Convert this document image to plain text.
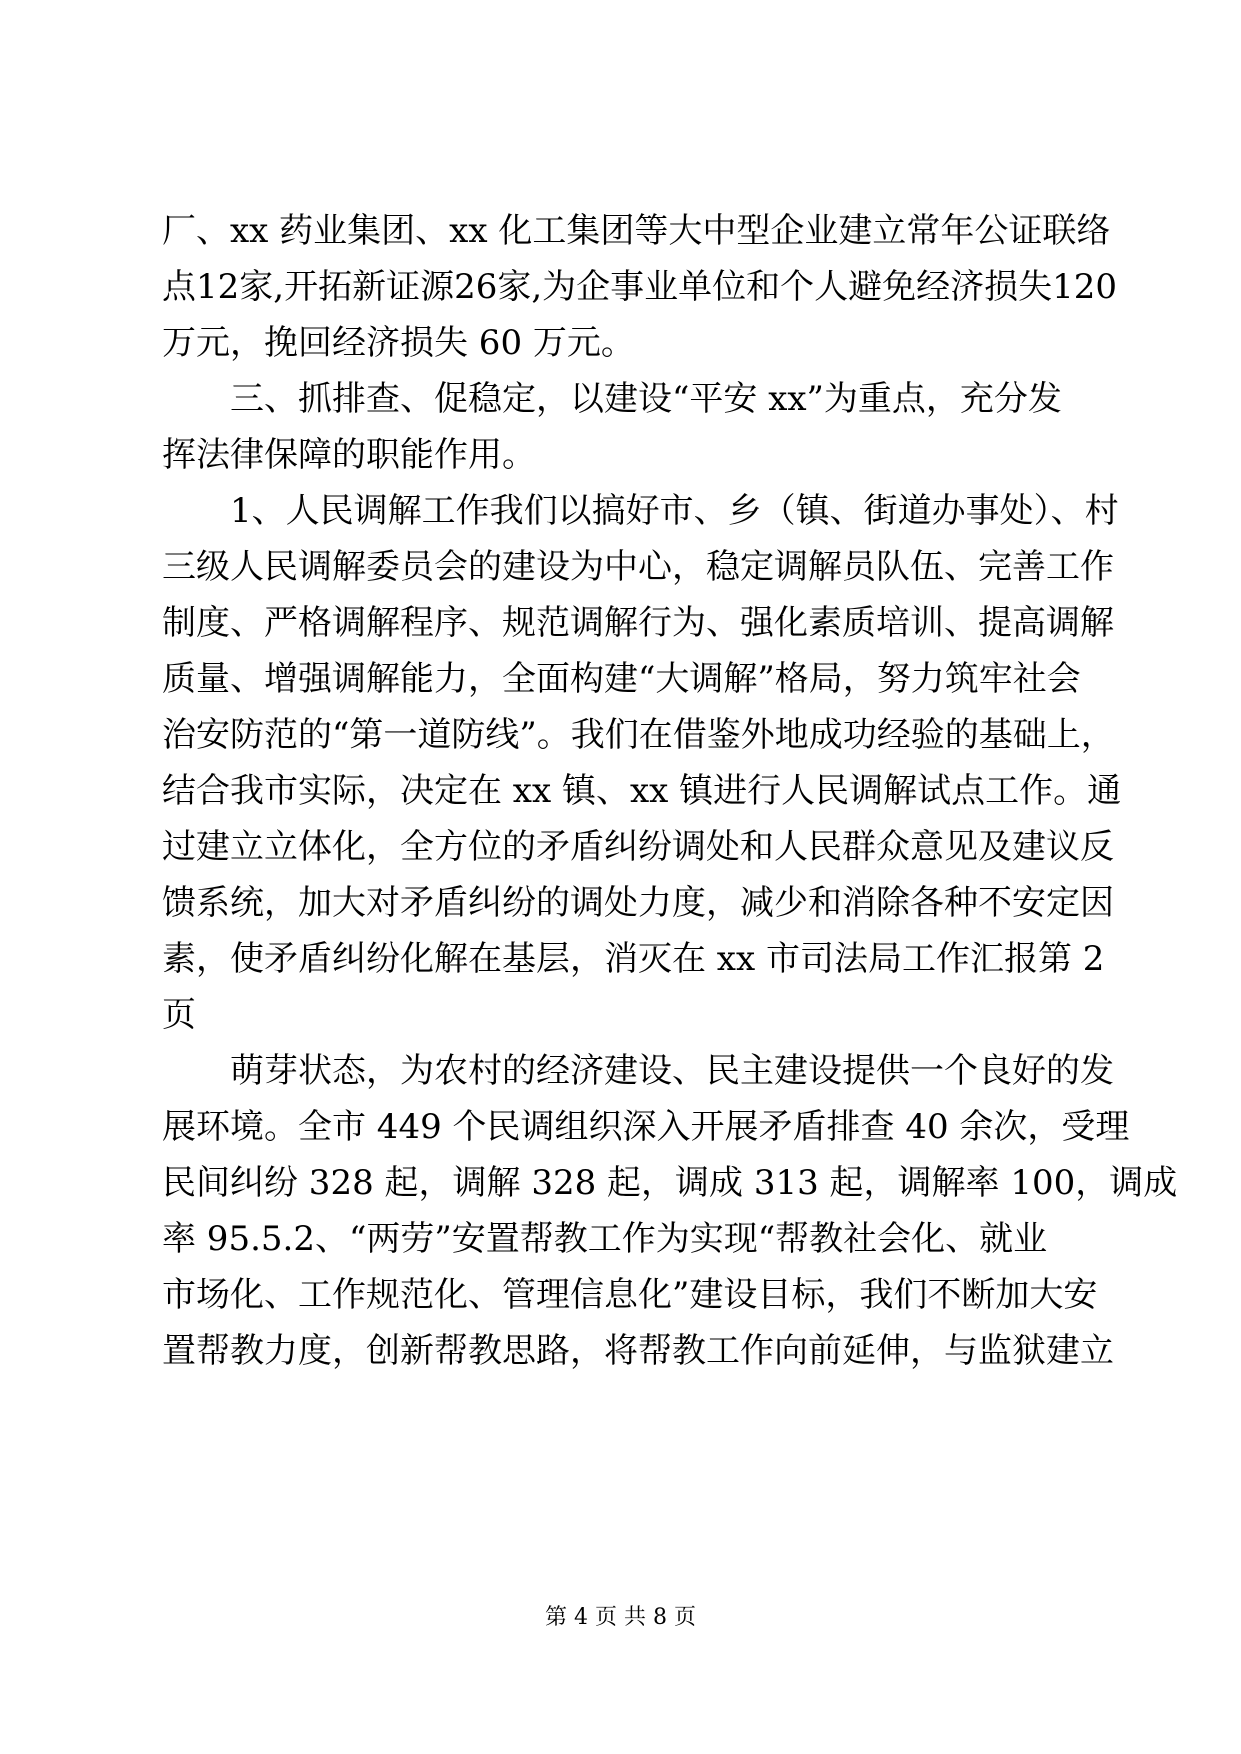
厂、xx 药业集团、xx 化工集团等大中型企业建立常年公证联络
点12家,开拓新证源26家,为企事业单位和个人避免经济损失120
万元，挽回经济损失 60 万元。
　　三、抓排查、促稳定，以建设“平安 xx”为重点，充分发
挥法律保障的职能作用。
　　1、人民调解工作我们以搞好市、乡（镇、街道办事处）、村
三级人民调解委员会的建设为中心，稳定调解员队伍、完善工作
制度、严格调解程序、规范调解行为、强化素质培训、提高调解
质量、增强调解能力，全面构建“大调解”格局，努力筑牢社会
治安防范的“第一道防线”。我们在借鉴外地成功经验的基础上，
结合我市实际，决定在 xx 镇、xx 镇进行人民调解试点工作。通
过建立立体化，全方位的矛盾纠纷调处和人民群众意见及建议反
馈系统，加大对矛盾纠纷的调处力度，减少和消除各种不安定因
素，使矛盾纠纷化解在基层，消灭在 xx 市司法局工作汇报第 2
页
　　萌芽状态，为农村的经济建设、民主建设提供一个良好的发
展环境。全市 449 个民调组织深入开展矛盾排查 40 余次，受理
民间纠纷 328 起，调解 328 起，调成 313 起，调解率 100，调成
率 95.5.2、“两劳”安置帮教工作为实现“帮教社会化、就业
市场化、工作规范化、管理信息化”建设目标，我们不断加大安
置帮教力度，创新帮教思路，将帮教工作向前延伸，与监狱建立
第 4 页 共 8 页
